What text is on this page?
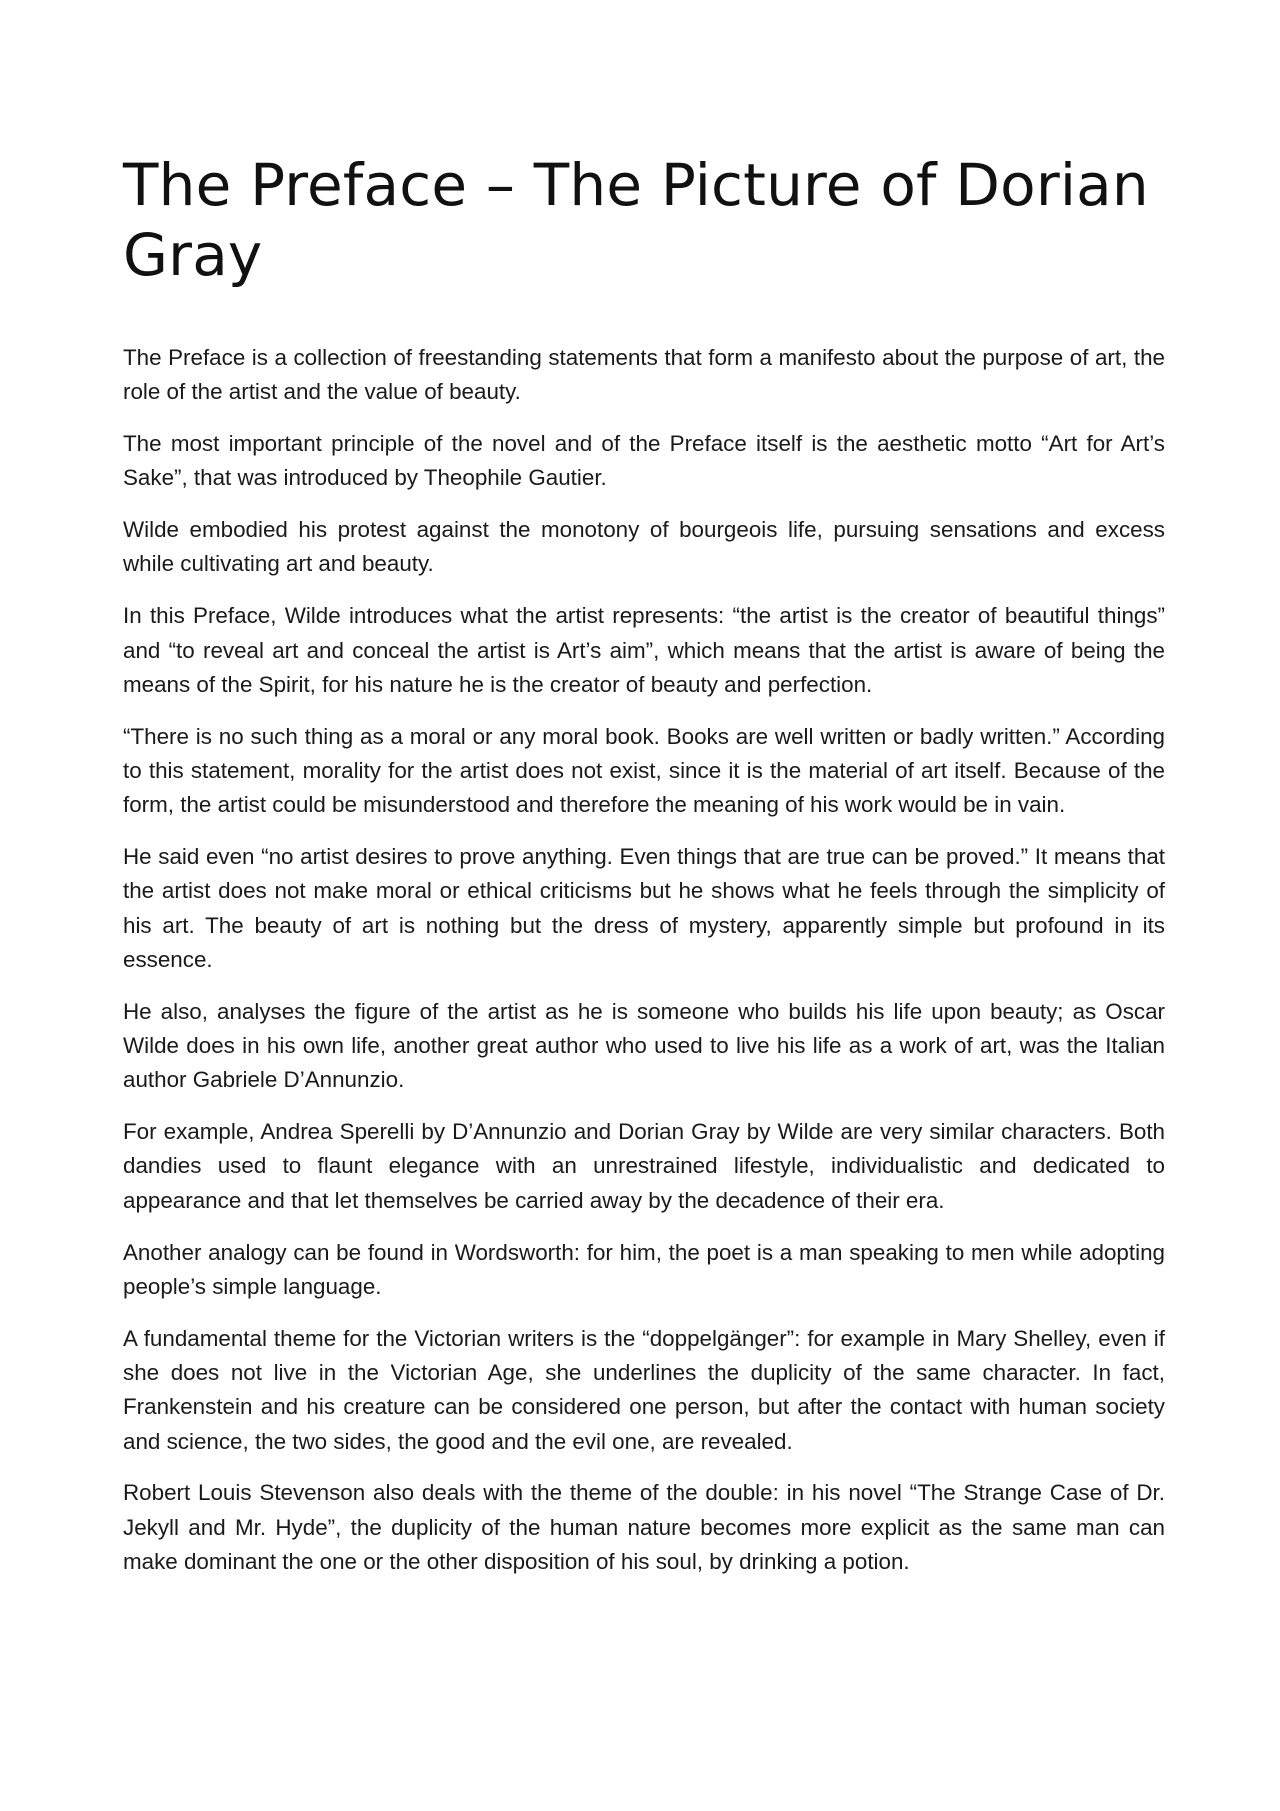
The Preface – The Picture of Dorian Gray

The Preface is a collection of freestanding statements that form a manifesto about the purpose of art, the role of the artist and the value of beauty.

The most important principle of the novel and of the Preface itself is the aesthetic motto “Art for Art’s Sake”, that was introduced by Theophile Gautier.

Wilde embodied his protest against the monotony of bourgeois life, pursuing sensations and excess while cultivating art and beauty.

In this Preface, Wilde introduces what the artist represents: “the artist is the creator of beautiful things” and “to reveal art and conceal the artist is Art’s aim”, which means that the artist is aware of being the means of the Spirit, for his nature he is the creator of beauty and perfection.

“There is no such thing as a moral or any moral book. Books are well written or badly written.” According to this statement, morality for the artist does not exist, since it is the material of art itself. Because of the form, the artist could be misunderstood and therefore the meaning of his work would be in vain.

He said even “no artist desires to prove anything. Even things that are true can be proved.” It means that the artist does not make moral or ethical criticisms but he shows what he feels through the simplicity of his art. The beauty of art is nothing but the dress of mystery, apparently simple but profound in its essence.

He also, analyses the figure of the artist as he is someone who builds his life upon beauty; as Oscar Wilde does in his own life, another great author who used to live his life as a work of art, was the Italian author Gabriele D’Annunzio.

For example, Andrea Sperelli by D’Annunzio and Dorian Gray by Wilde are very similar characters. Both dandies used to flaunt elegance with an unrestrained lifestyle, individualistic and dedicated to appearance and that let themselves be carried away by the decadence of their era.

Another analogy can be found in Wordsworth: for him, the poet is a man speaking to men while adopting people’s simple language.

A fundamental theme for the Victorian writers is the “doppelgänger”: for example in Mary Shelley, even if she does not live in the Victorian Age, she underlines the duplicity of the same character. In fact, Frankenstein and his creature can be considered one person, but after the contact with human society and science, the two sides, the good and the evil one, are revealed.

Robert Louis Stevenson also deals with the theme of the double: in his novel “The Strange Case of Dr. Jekyll and Mr. Hyde”, the duplicity of the human nature becomes more explicit as the same man can make dominant the one or the other disposition of his soul, by drinking a potion.
